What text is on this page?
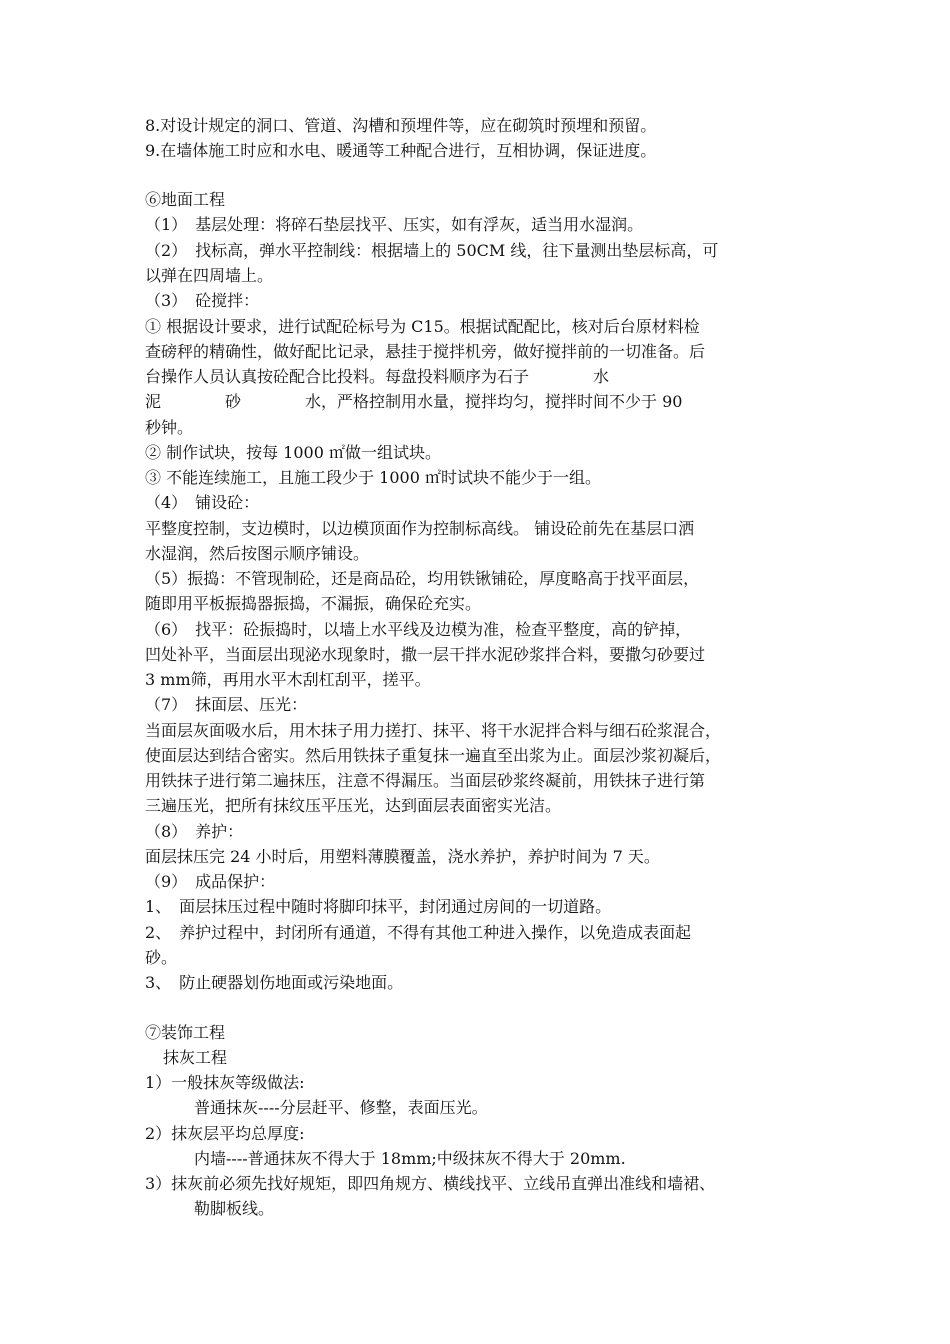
8.对设计规定的洞口、管道、沟槽和预埋件等，应在砌筑时预埋和预留。
9.在墙体施工时应和水电、暖通等工种配合进行，互相协调，保证进度。
⑥地面工程
（1）　基层处理：将碎石垫层找平、压实，如有浮灰，适当用水湿润。
（2）　找标高，弹水平控制线：根据墙上的 50CM 线，往下量测出垫层标高，可
以弹在四周墙上。
（3）　砼搅拌：
① 根据设计要求，进行试配砼标号为 C15。根据试配配比，核对后台原材料检
查磅秤的精确性，做好配比记录，悬挂于搅拌机旁，做好搅拌前的一切准备。后
台操作人员认真按砼配合比投料。每盘投料顺序为石子　　　　水
泥　　　　砂　　　　水，严格控制用水量，搅拌均匀，搅拌时间不少于 90
秒钟。
② 制作试块，按每 1000 ㎡做一组试块。
③ 不能连续施工，且施工段少于 1000 ㎡时试块不能少于一组。
（4）　铺设砼：
平整度控制，支边模时，以边模顶面作为控制标高线。 铺设砼前先在基层口洒
水湿润，然后按图示顺序铺设。
（5）振捣：不管现制砼，还是商品砼，均用铁锹铺砼，厚度略高于找平面层，
随即用平板振捣器振捣，不漏振，确保砼充实。
（6）　找平：砼振捣时，以墙上水平线及边模为准，检查平整度，高的铲掉，
凹处补平，当面层出现泌水现象时，撒一层干拌水泥砂浆拌合料，要撒匀砂要过
3 mm筛，再用水平木刮杠刮平，搓平。
（7）　抹面层、压光：
当面层灰面吸水后，用木抹子用力搓打、抹平、将干水泥拌合料与细石砼浆混合，
使面层达到结合密实。然后用铁抹子重复抹一遍直至出浆为止。面层沙浆初凝后，
用铁抹子进行第二遍抹压，注意不得漏压。当面层砂浆终凝前，用铁抹子进行第
三遍压光，把所有抹纹压平压光，达到面层表面密实光洁。
（8）　养护：
面层抹压完 24 小时后，用塑料薄膜覆盖，浇水养护，养护时间为 7 天。
（9）　成品保护：
1、　面层抹压过程中随时将脚印抹平，封闭通过房间的一切道路。
2、　养护过程中，封闭所有通道，不得有其他工种进入操作，以免造成表面起
砂。
3、　防止硬器划伤地面或污染地面。
⑦装饰工程
抹灰工程
1）一般抹灰等级做法:
普通抹灰----分层赶平、修整，表面压光。
2）抹灰层平均总厚度:
内墙----普通抹灰不得大于 18mm;中级抹灰不得大于 20mm.
3）抹灰前必须先找好规矩，即四角规方、横线找平、立线吊直弹出准线和墙裙、
勒脚板线。
